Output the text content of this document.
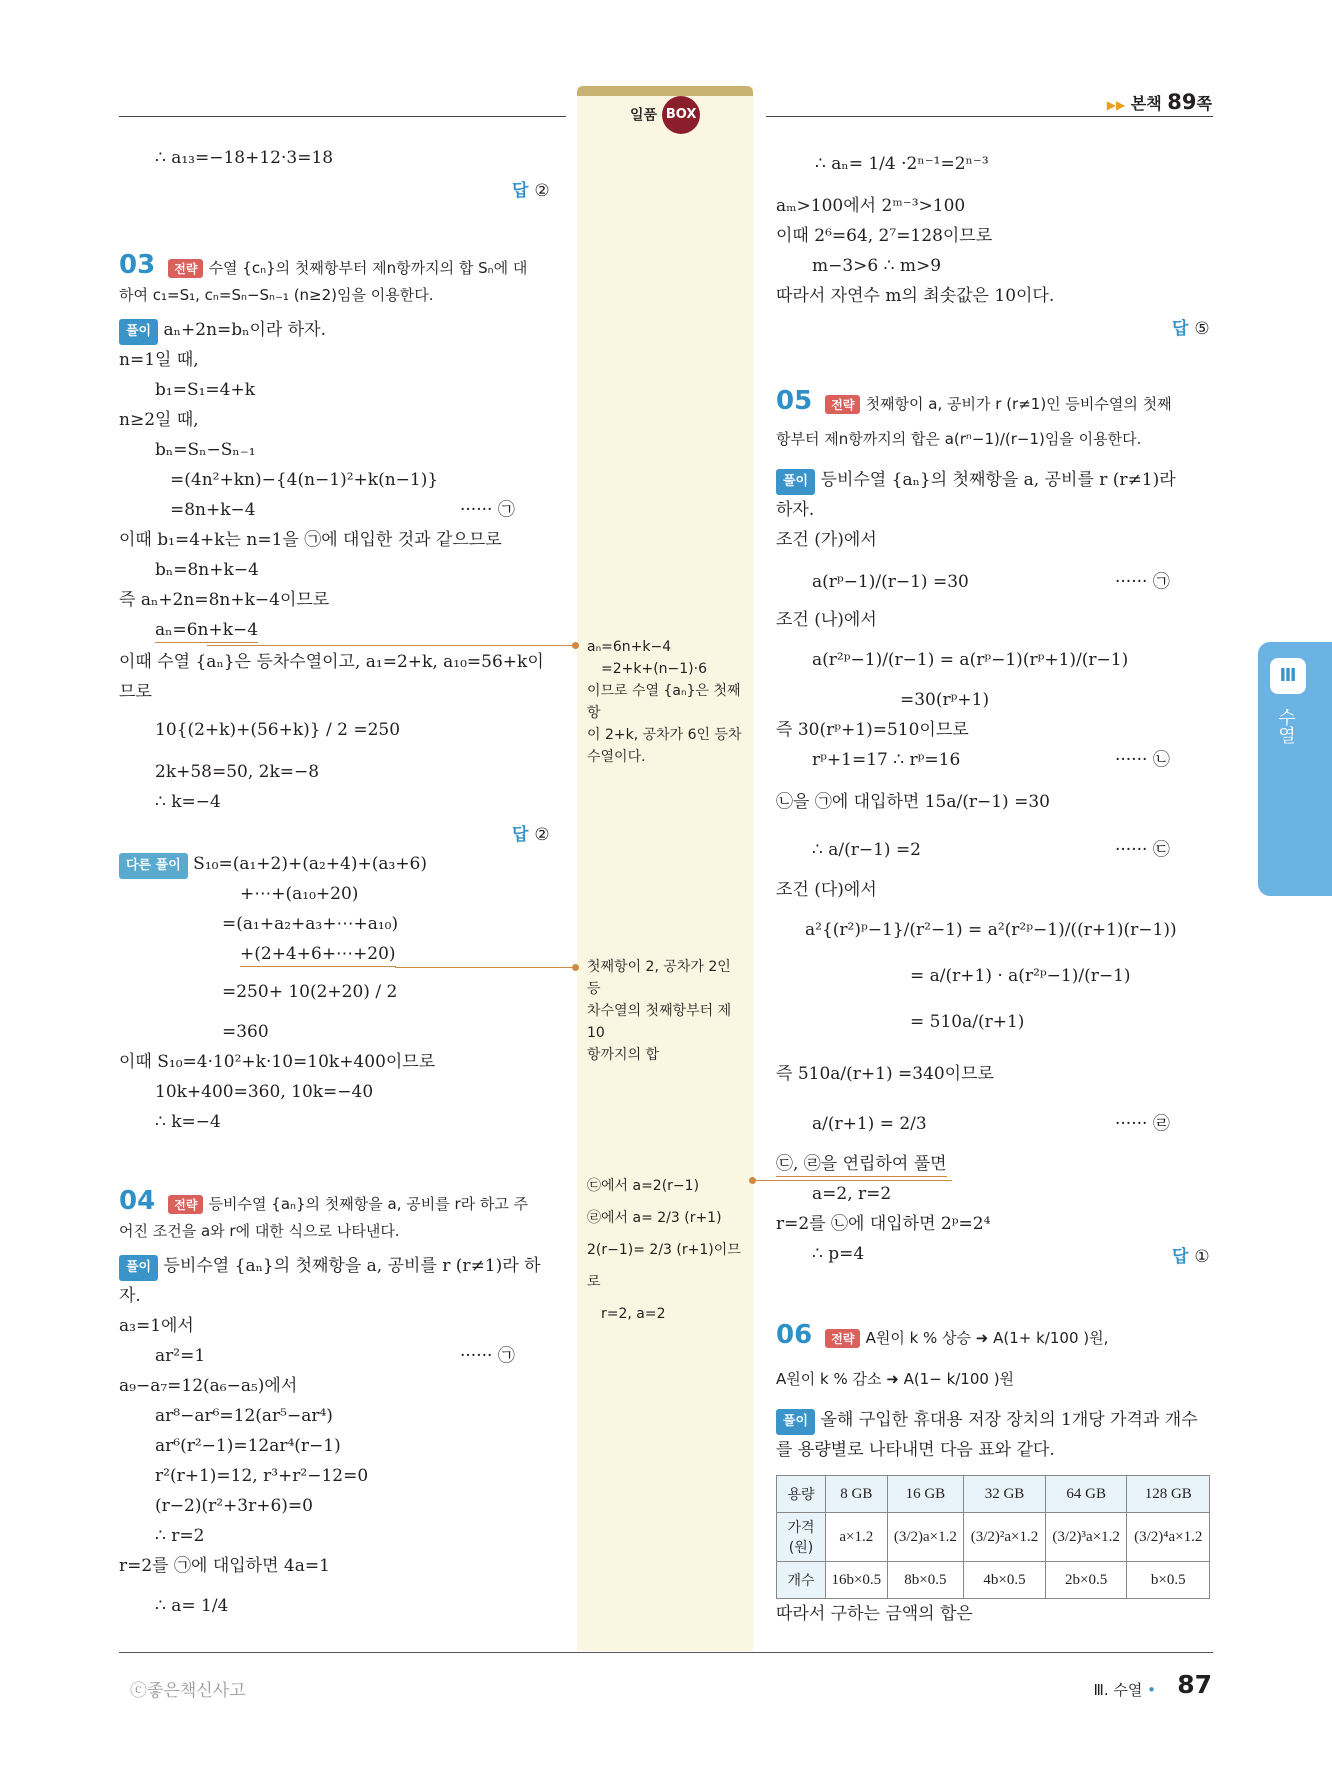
일품 BOX
▶▶ 본책 89쪽
∴ a₁₃=−18+12·3=18
답 ②
03 전략 수열 {cₙ}의 첫째항부터 제n항까지의 합 Sₙ에 대
하여 c₁=S₁, cₙ=Sₙ−Sₙ₋₁ (n≥2)임을 이용한다.
풀이 aₙ+2n=bₙ이라 하자.
n=1일 때,
b₁=S₁=4+k
n≥2일 때,
bₙ=Sₙ−Sₙ₋₁
=(4n²+kn)−{4(n−1)²+k(n−1)}
=8n+k−4	······ ㉠
이때 b₁=4+k는 n=1을 ㉠에 대입한 것과 같으므로
bₙ=8n+k−4
즉 aₙ+2n=8n+k−4이므로
aₙ=6n+k−4
이때 수열 {aₙ}은 등차수열이고, a₁=2+k, a₁₀=56+k이
므로
10{(2+k)+(56+k)} / 2 =250
2k+58=50, 2k=−8
∴ k=−4
답 ②
다른 풀이 S₁₀=(a₁+2)+(a₂+4)+(a₃+6)
+⋯+(a₁₀+20)
=(a₁+a₂+a₃+⋯+a₁₀)
+(2+4+6+⋯+20)
=250+ 10(2+20) / 2
=360
이때 S₁₀=4·10²+k·10=10k+400이므로
10k+400=360, 10k=−40
∴ k=−4
04 전략 등비수열 {aₙ}의 첫째항을 a, 공비를 r라 하고 주
어진 조건을 a와 r에 대한 식으로 나타낸다.
풀이 등비수열 {aₙ}의 첫째항을 a, 공비를 r (r≠1)라 하
자.
a₃=1에서
ar²=1	······ ㉠
a₉−a₇=12(a₆−a₅)에서
ar⁸−ar⁶=12(ar⁵−ar⁴)
ar⁶(r²−1)=12ar⁴(r−1)
r²(r+1)=12, r³+r²−12=0
(r−2)(r²+3r+6)=0
∴ r=2
r=2를 ㉠에 대입하면 4a=1
∴ a= 1/4
aₙ=6n+k−4
=2+k+(n−1)·6
이므로 수열 {aₙ}은 첫째항
이 2+k, 공차가 6인 등차
수열이다.
첫째항이 2, 공차가 2인 등
차수열의 첫째항부터 제10
항까지의 합
㉢에서 a=2(r−1)
㉣에서 a= 2/3 (r+1)
2(r−1)= 2/3 (r+1)이므
로
r=2, a=2
∴ aₙ= 1/4 ·2ⁿ⁻¹=2ⁿ⁻³
aₘ>100에서 2ᵐ⁻³>100
이때 2⁶=64, 2⁷=128이므로
m−3>6 ∴ m>9
따라서 자연수 m의 최솟값은 10이다.
답 ⑤
05 전략 첫째항이 a, 공비가 r (r≠1)인 등비수열의 첫째
항부터 제n항까지의 합은 a(rⁿ−1)/(r−1)임을 이용한다.
풀이 등비수열 {aₙ}의 첫째항을 a, 공비를 r (r≠1)라
하자.
조건 (가)에서
a(rᵖ−1)/(r−1) =30	······ ㉠
조건 (나)에서
a(r²ᵖ−1)/(r−1) = a(rᵖ−1)(rᵖ+1)/(r−1)
=30(rᵖ+1)
즉 30(rᵖ+1)=510이므로
rᵖ+1=17 ∴ rᵖ=16	······ ㉡
㉡을 ㉠에 대입하면 15a/(r−1) =30
∴ a/(r−1) =2	······ ㉢
조건 (다)에서
a²{(r²)ᵖ−1}/(r²−1) = a²(r²ᵖ−1)/((r+1)(r−1))
= a/(r+1) · a(r²ᵖ−1)/(r−1)
= 510a/(r+1)
즉 510a/(r+1) =340이므로
a/(r+1) = 2/3	······ ㉣
㉢, ㉣을 연립하여 풀면
a=2, r=2
r=2를 ㉡에 대입하면 2ᵖ=2⁴
∴ p=4	답 ①
06 전략 A원이 k % 상승 ➜ A(1+ k/100 )원,
A원이 k % 감소 ➜ A(1− k/100 )원
풀이 올해 구입한 휴대용 저장 장치의 1개당 가격과 개수
를 용량별로 나타내면 다음 표와 같다.
용량	8 GB	16 GB	32 GB	64 GB	128 GB
가격 (원)	a×1.2	(3/2)a×1.2	(3/2)²a×1.2	(3/2)³a×1.2	(3/2)⁴a×1.2
개수	16b×0.5	8b×0.5	4b×0.5	2b×0.5	b×0.5
따라서 구하는 금액의 합은
Ⅲ
수열
ⓒ좋은책신사고	Ⅲ. 수열 • 87
